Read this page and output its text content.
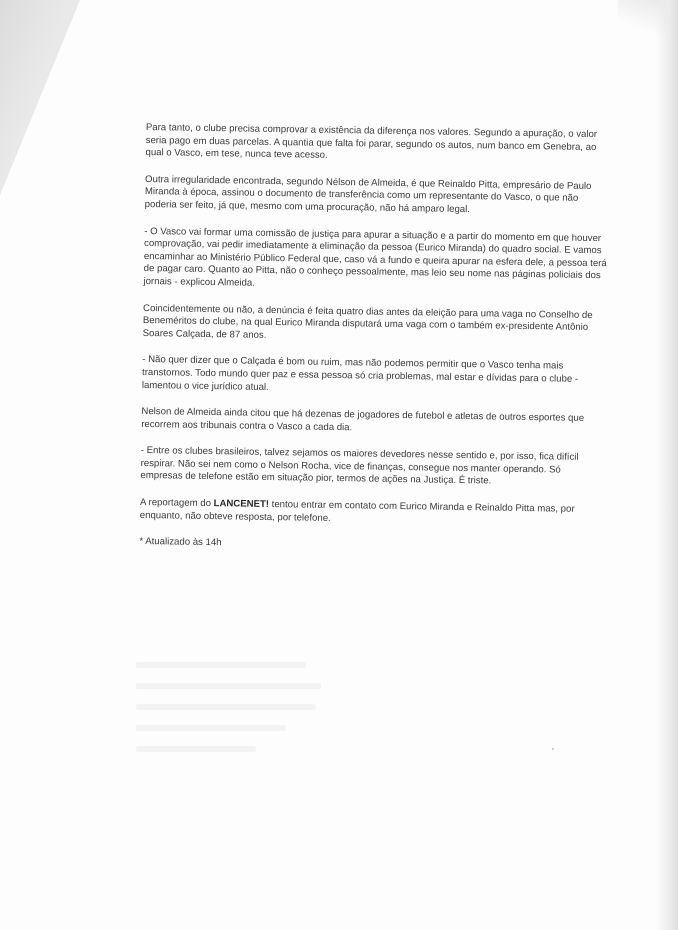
Para tanto, o clube precisa comprovar a existência da diferença nos valores. Segundo a apuração, o valor seria pago em duas parcelas. A quantia que falta foi parar, segundo os autos, num banco em Genebra, ao qual o Vasco, em tese, nunca teve acesso.

Outra irregularidade encontrada, segundo Nélson de Almeida, é que Reinaldo Pitta, empresário de Paulo Miranda à época, assinou o documento de transferência como um representante do Vasco, o que não poderia ser feito, já que, mesmo com uma procuração, não há amparo legal.

- O Vasco vai formar uma comissão de justiça para apurar a situação e a partir do momento em que houver comprovação, vai pedir imediatamente a eliminação da pessoa (Eurico Miranda) do quadro social. E vamos encaminhar ao Ministério Público Federal que, caso vá a fundo e queira apurar na esfera dele, a pessoa terá de pagar caro. Quanto ao Pitta, não o conheço pessoalmente, mas leio seu nome nas páginas policiais dos jornais - explicou Almeida.

Coincidentemente ou não, a denúncia é feita quatro dias antes da eleição para uma vaga no Conselho de Beneméritos do clube, na qual Eurico Miranda disputará uma vaga com o também ex-presidente Antônio Soares Calçada, de 87 anos.

- Não quer dizer que o Calçada é bom ou ruim, mas não podemos permitir que o Vasco tenha mais transtornos. Todo mundo quer paz e essa pessoa só cria problemas, mal estar e dívidas para o clube - lamentou o vice jurídico atual.

Nelson de Almeida ainda citou que há dezenas de jogadores de futebol e atletas de outros esportes que recorrem aos tribunais contra o Vasco a cada dia.

- Entre os clubes brasileiros, talvez sejamos os maiores devedores nesse sentido e, por isso, fica difícil respirar. Não sei nem como o Nelson Rocha, vice de finanças, consegue nos manter operando. Só empresas de telefone estão em situação pior, termos de ações na Justiça. É triste.

A reportagem do LANCENET! tentou entrar em contato com Eurico Miranda e Reinaldo Pitta mas, por enquanto, não obteve resposta, por telefone.

* Atualizado às 14h
